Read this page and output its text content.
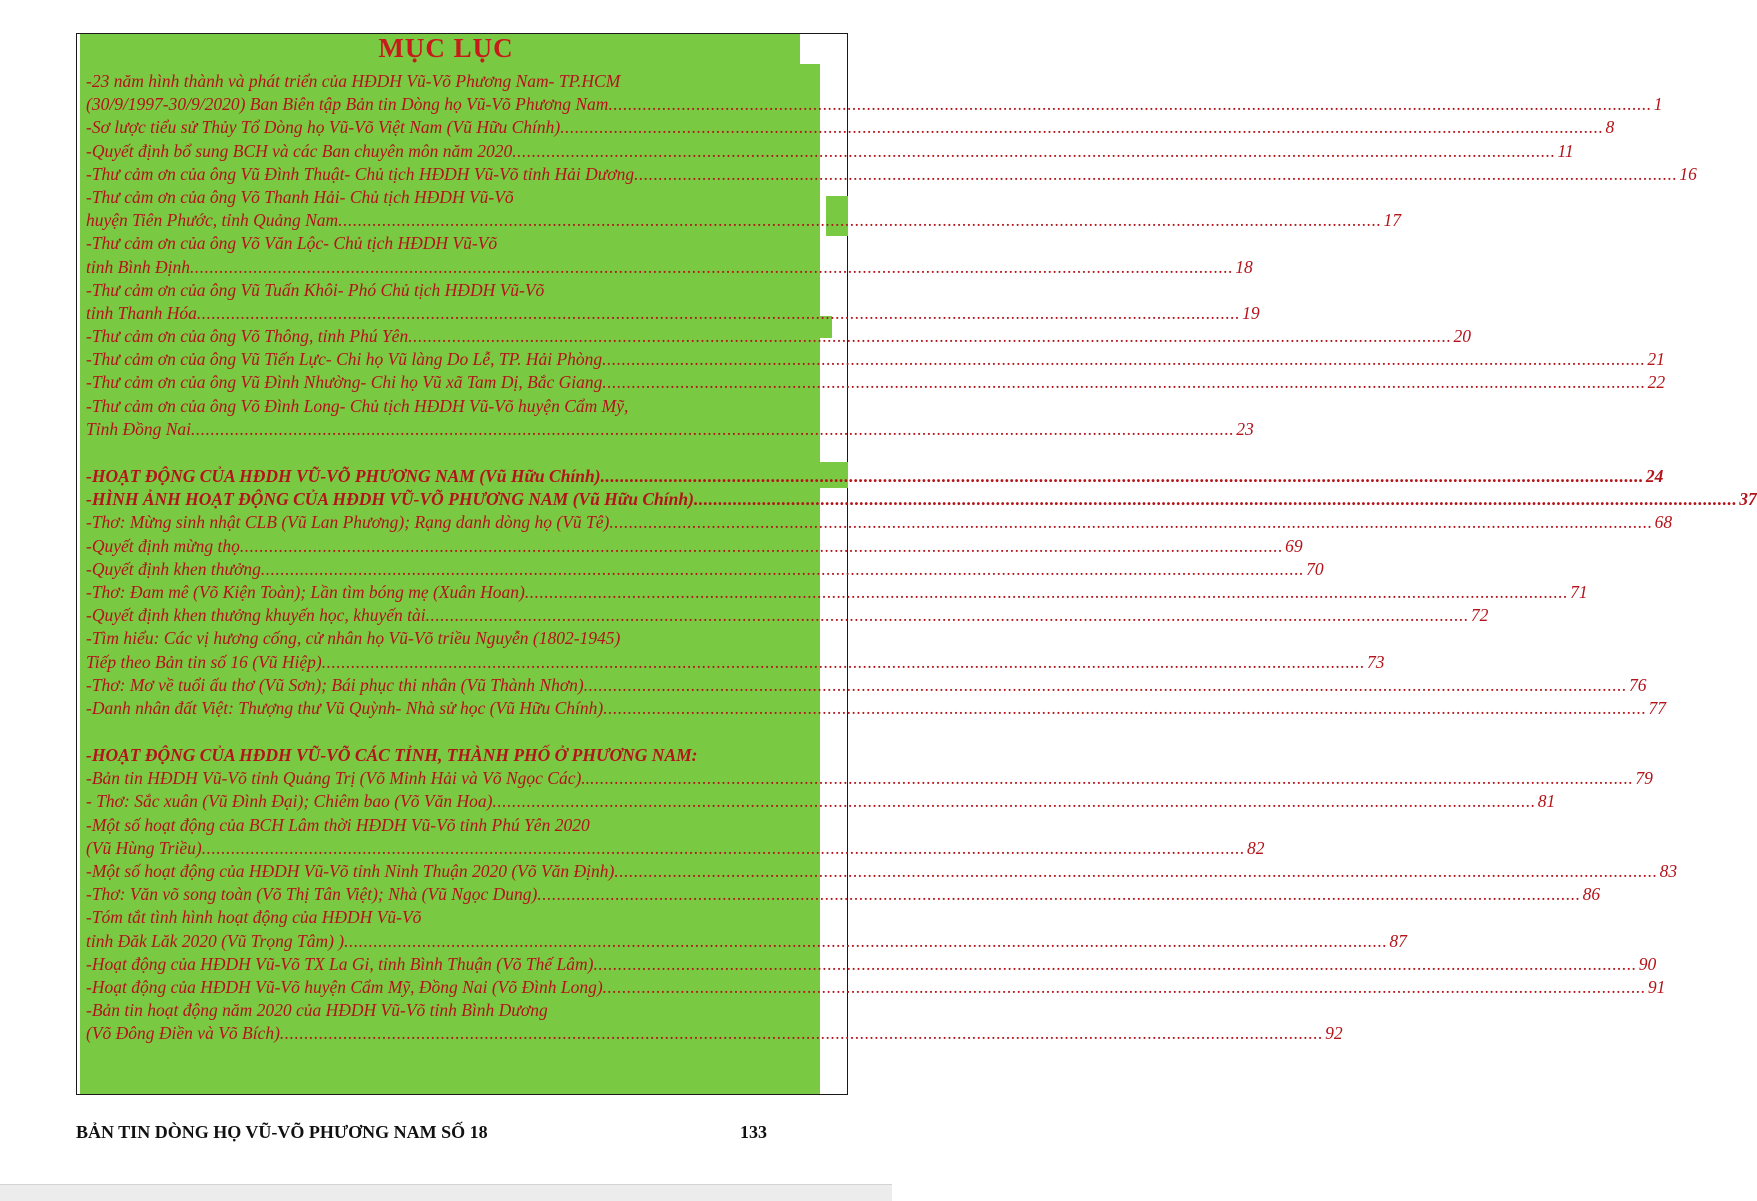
MỤC LỤC
-23 năm hình thành và phát triển của HĐDH Vũ-Võ Phương Nam- TP.HCM
(30/9/1997-30/9/2020) Ban Biên tập Bản tin Dòng họ Vũ-Võ Phương Nam .....	1
-Sơ lược tiểu sử Thủy Tổ Dòng họ Vũ-Võ Việt Nam (Vũ Hữu Chính) .....	8
-Quyết định bổ sung BCH và các Ban chuyên môn năm 2020 .....	11
-Thư cảm ơn của ông Vũ Đình Thuật- Chủ tịch HĐDH Vũ-Võ tỉnh Hải Dương .....	16
-Thư cảm ơn của ông Võ Thanh Hải- Chủ tịch HĐDH Vũ-Võ
huyện Tiên Phước, tỉnh Quảng Nam .....	17
-Thư cảm ơn của ông Võ Văn Lộc- Chủ tịch HĐDH Vũ-Võ
tỉnh Bình Định .....	18
-Thư cảm ơn của ông Vũ Tuấn Khôi- Phó Chủ tịch HĐDH Vũ-Võ
tỉnh Thanh Hóa .....	19
-Thư cảm ơn của ông Võ Thông, tỉnh Phú Yên .....	20
-Thư cảm ơn của ông Vũ Tiến Lực- Chi họ Vũ làng Do Lễ, TP. Hải Phòng .....	21
-Thư cảm ơn của ông Vũ Đình Nhường- Chi họ Vũ xã Tam Dị, Bắc Giang .....	22
-Thư cảm ơn của ông Võ Đình Long- Chủ tịch HĐDH Vũ-Võ huyện Cẩm Mỹ,
Tỉnh Đồng Nai .....	23
-HOẠT ĐỘNG CỦA HĐDH VŨ-VÕ PHƯƠNG NAM (Vũ Hữu Chính) .....	24
-HÌNH ẢNH HOẠT ĐỘNG CỦA HĐDH VŨ-VÕ PHƯƠNG NAM (Vũ Hữu Chính) .....	37
-Thơ: Mừng sinh nhật CLB (Vũ Lan Phương); Rạng danh dòng họ (Vũ Tê) .....	68
-Quyết định mừng thọ .....	69
-Quyết định khen thưởng .....	70
-Thơ: Đam mê (Võ Kiện Toàn); Lần tìm bóng mẹ (Xuân Hoan) .....	71
-Quyết định khen thưởng khuyến học, khuyến tài .....	72
-Tìm hiểu: Các vị hương cống, cử nhân họ Vũ-Võ triều Nguyễn (1802-1945)
Tiếp theo Bản tin số 16 (Vũ Hiệp) .....	73
-Thơ: Mơ về tuổi ấu thơ (Vũ Sơn); Bái phục thi nhân (Vũ Thành Nhơn) .....	76
-Danh nhân đất Việt: Thượng thư Vũ Quỳnh- Nhà sử học (Vũ Hữu Chính) .....	77
-HOẠT ĐỘNG CỦA HĐDH VŨ-VÕ CÁC TỈNH, THÀNH PHỐ Ở PHƯƠNG NAM:
-Bản tin HĐDH Vũ-Võ tỉnh Quảng Trị (Võ Minh Hải và Võ Ngọc Các).. .....	79
- Thơ: Sắc xuân (Vũ Đình Đại); Chiêm bao (Võ Văn Hoa) .....	81
-Một số hoạt động của BCH Lâm thời HĐDH Vũ-Võ tỉnh Phú Yên 2020
(Vũ Hùng Triều) .....	82
-Một số hoạt động của HĐDH Vũ-Võ tỉnh Ninh Thuận 2020 (Võ Văn Định) .....	83
-Thơ: Văn võ song toàn (Võ Thị Tân Việt); Nhà (Vũ Ngọc Dung) .....	86
-Tóm tắt tình hình hoạt động của HĐDH Vũ-Võ
tỉnh Đăk Lăk 2020 (Vũ Trọng Tâm) ) .....	87
-Hoạt động của HĐDH Vũ-Võ TX La Gi, tỉnh Bình Thuận (Võ Thế Lâm) .....	90
-Hoạt động của HĐDH Vũ-Võ huyện Cẩm Mỹ, Đồng Nai (Võ Đình Long) .....	91
-Bản tin hoạt động năm 2020 của HĐDH Vũ-Võ tỉnh Bình Dương
(Võ Đông Điền và Võ Bích) .....	92
BẢN TIN DÒNG HỌ VŨ-VÕ PHƯƠNG NAM SỐ 18	133
